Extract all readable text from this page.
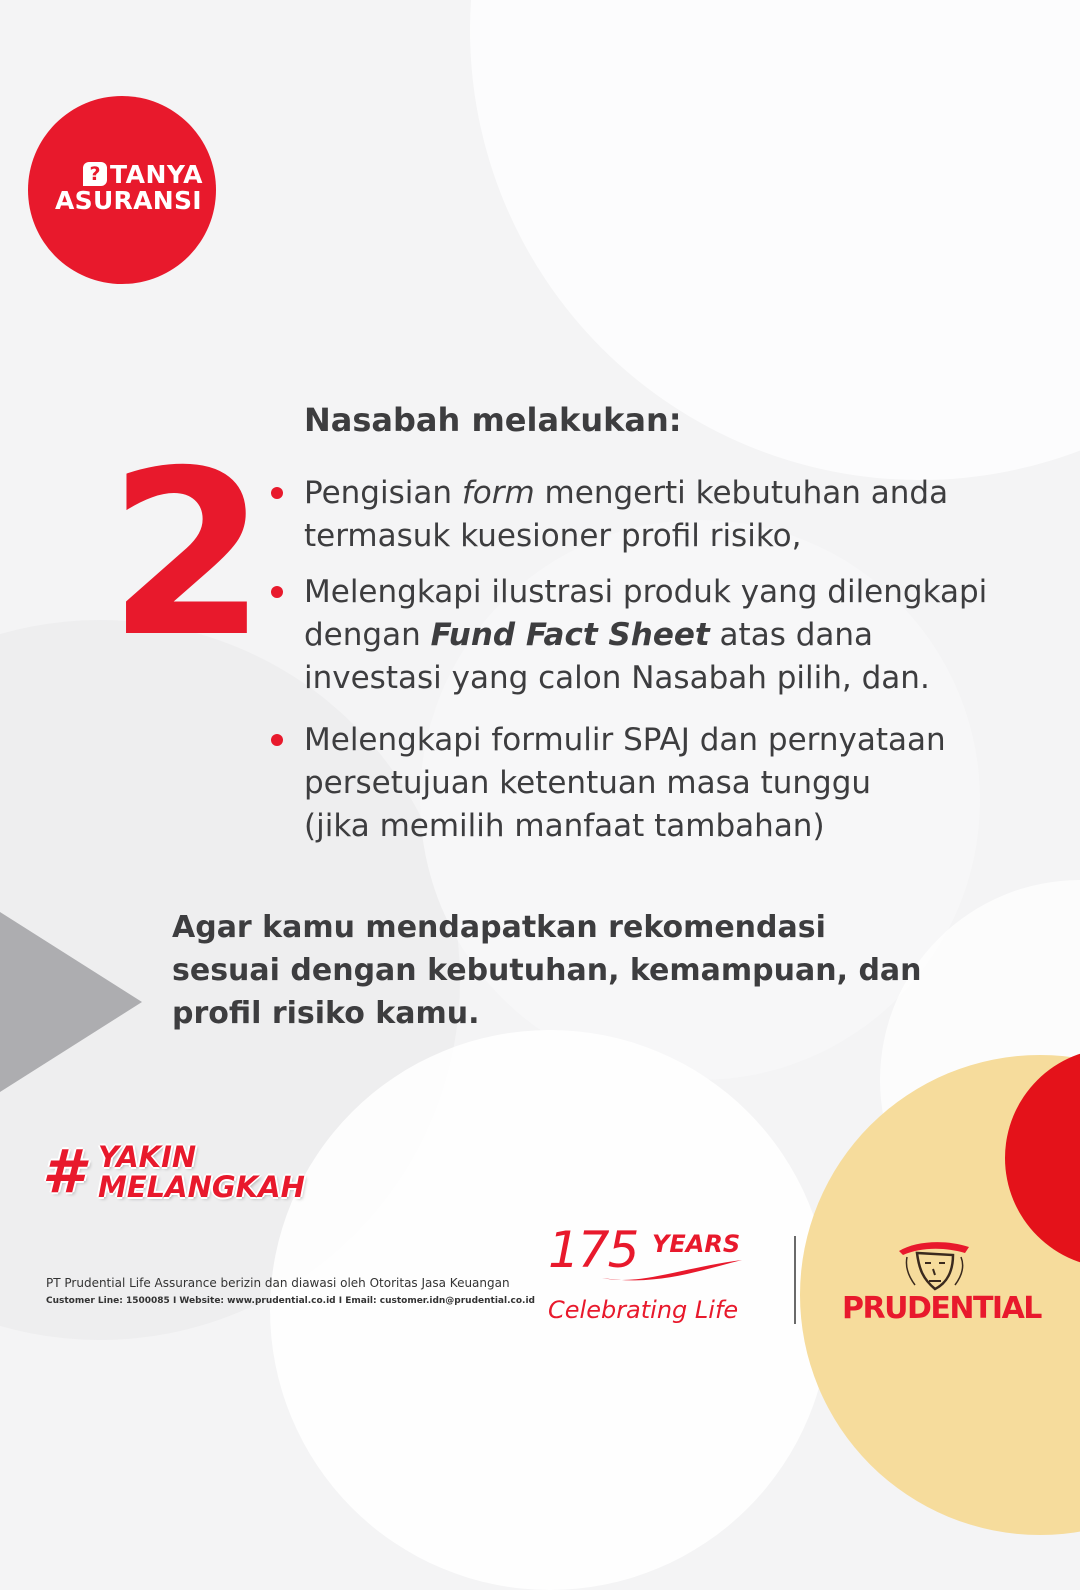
? TANYA
ASURANSI
2
Nasabah melakukan:
Pengisian form mengerti kebutuhan anda
termasuk kuesioner profil risiko,
Melengkapi ilustrasi produk yang dilengkapi
dengan Fund Fact Sheet atas dana
investasi yang calon Nasabah pilih, dan.
Melengkapi formulir SPAJ dan pernyataan
persetujuan ketentuan masa tunggu
(jika memilih manfaat tambahan)
Agar kamu mendapatkan rekomendasi
sesuai dengan kebutuhan, kemampuan, dan
profil risiko kamu.
# YAKIN
MELANGKAH
PT Prudential Life Assurance berizin dan diawasi oleh Otoritas Jasa Keuangan
Customer Line: 1500085 I Website: www.prudential.co.id I Email: customer.idn@prudential.co.id
175 YEARS
Celebrating Life	PRUDENTIAL
